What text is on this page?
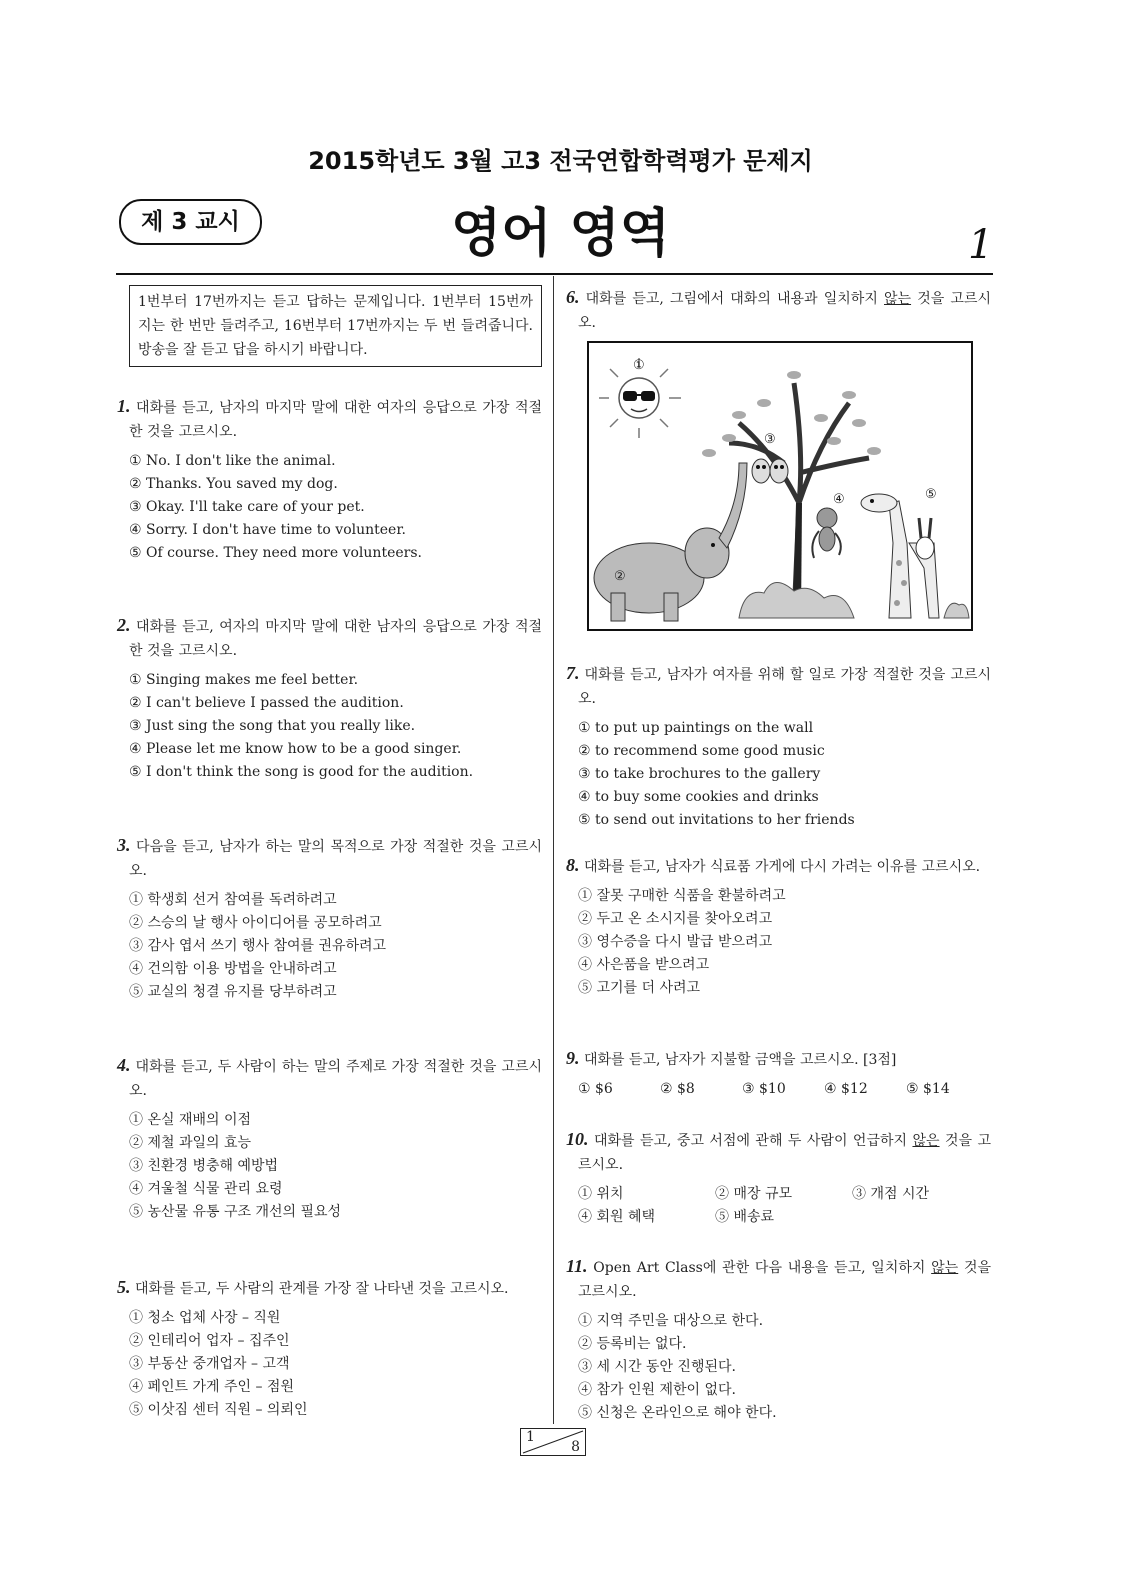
2015학년도 3월 고3 전국연합학력평가 문제지
제 3 교시	영어 영역	1
1번부터 17번까지는 듣고 답하는 문제입니다. 1번부터 15번까지는 한 번만 들려주고, 16번부터 17번까지는 두 번 들려줍니다. 방송을 잘 듣고 답을 하시기 바랍니다.
1. 대화를 듣고, 남자의 마지막 말에 대한 여자의 응답으로 가장 적절한 것을 고르시오.
① No. I don't like the animal.
② Thanks. You saved my dog.
③ Okay. I'll take care of your pet.
④ Sorry. I don't have time to volunteer.
⑤ Of course. They need more volunteers.
2. 대화를 듣고, 여자의 마지막 말에 대한 남자의 응답으로 가장 적절한 것을 고르시오.
① Singing makes me feel better.
② I can't believe I passed the audition.
③ Just sing the song that you really like.
④ Please let me know how to be a good singer.
⑤ I don't think the song is good for the audition.
3. 다음을 듣고, 남자가 하는 말의 목적으로 가장 적절한 것을 고르시오.
① 학생회 선거 참여를 독려하려고
② 스승의 날 행사 아이디어를 공모하려고
③ 감사 엽서 쓰기 행사 참여를 권유하려고
④ 건의함 이용 방법을 안내하려고
⑤ 교실의 청결 유지를 당부하려고
4. 대화를 듣고, 두 사람이 하는 말의 주제로 가장 적절한 것을 고르시오.
① 온실 재배의 이점
② 제철 과일의 효능
③ 친환경 병충해 예방법
④ 겨울철 식물 관리 요령
⑤ 농산물 유통 구조 개선의 필요성
5. 대화를 듣고, 두 사람의 관계를 가장 잘 나타낸 것을 고르시오.
① 청소 업체 사장 – 직원
② 인테리어 업자 – 집주인
③ 부동산 중개업자 – 고객
④ 페인트 가게 주인 – 점원
⑤ 이삿짐 센터 직원 – 의뢰인
6. 대화를 듣고, 그림에서 대화의 내용과 일치하지 않는 것을 고르시오.
①
③
②
④	⑤
7. 대화를 듣고, 남자가 여자를 위해 할 일로 가장 적절한 것을 고르시오.
① to put up paintings on the wall
② to recommend some good music
③ to take brochures to the gallery
④ to buy some cookies and drinks
⑤ to send out invitations to her friends
8. 대화를 듣고, 남자가 식료품 가게에 다시 가려는 이유를 고르시오.
① 잘못 구매한 식품을 환불하려고
② 두고 온 소시지를 찾아오려고
③ 영수증을 다시 발급 받으려고
④ 사은품을 받으려고
⑤ 고기를 더 사려고
9. 대화를 듣고, 남자가 지불할 금액을 고르시오. [3점]
① $6	② $8	③ $10	④ $12	⑤ $14
10. 대화를 듣고, 중고 서점에 관해 두 사람이 언급하지 않은 것을 고르시오.
① 위치	② 매장 규모	③ 개점 시간
④ 회원 혜택	⑤ 배송료
11. Open Art Class에 관한 다음 내용을 듣고, 일치하지 않는 것을 고르시오.
① 지역 주민을 대상으로 한다.
② 등록비는 없다.
③ 세 시간 동안 진행된다.
④ 참가 인원 제한이 없다.
⑤ 신청은 온라인으로 해야 한다.
1
8
